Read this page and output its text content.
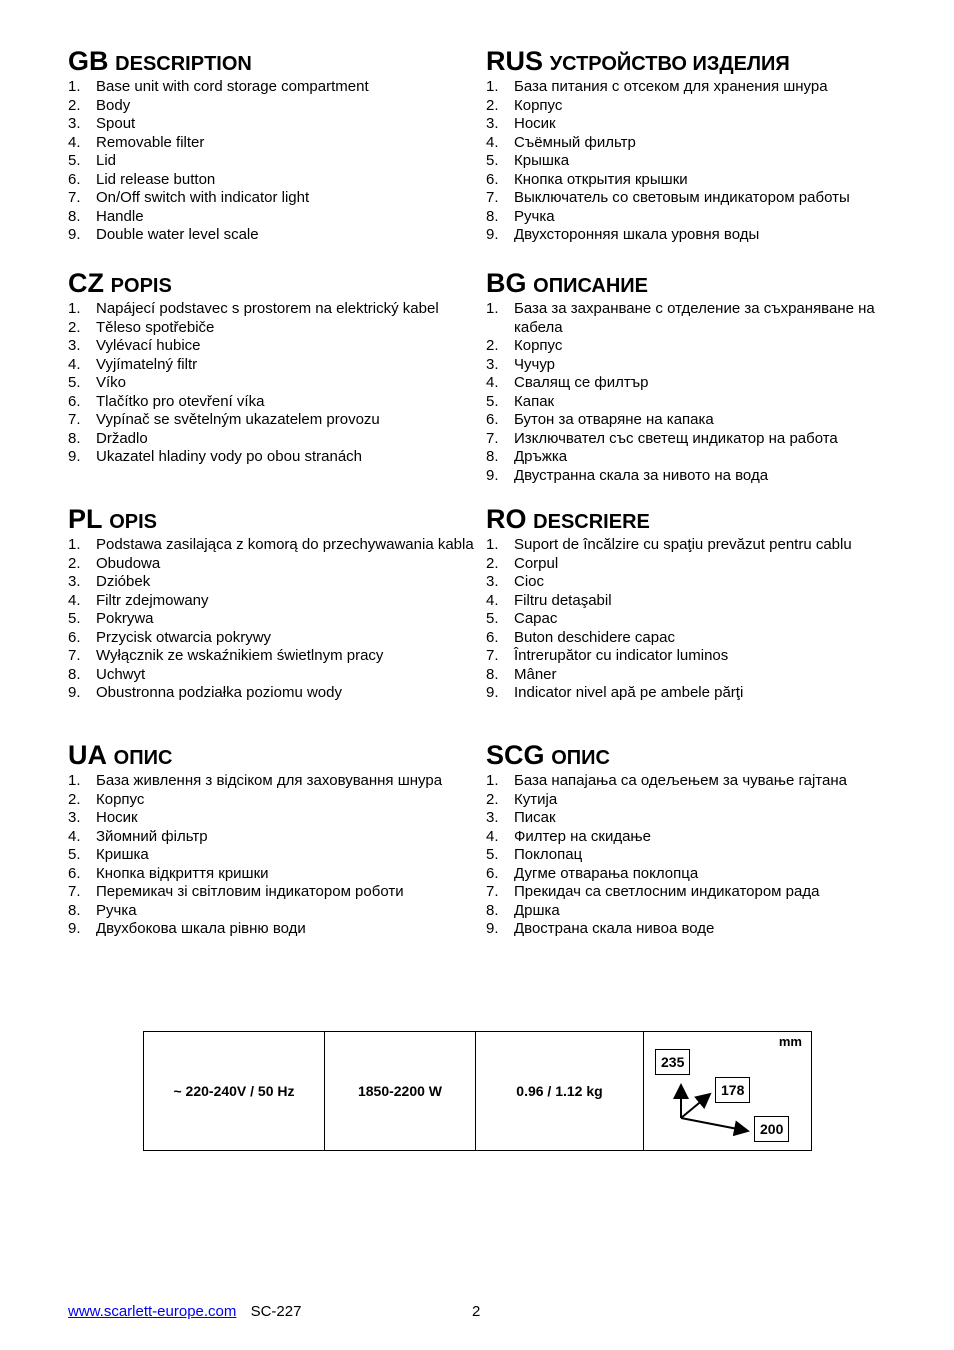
GB DESCRIPTION
1. Base unit with cord storage compartment
2. Body
3. Spout
4. Removable filter
5. Lid
6. Lid release button
7. On/Off switch with indicator light
8. Handle
9. Double water level scale
CZ POPIS
1. Napájecí podstavec s prostorem na elektrický kabel
2. Těleso spotřebiče
3. Vylévací hubice
4. Vyjímatelný filtr
5. Víko
6. Tlačítko pro otevření víka
7. Vypínač se světelným ukazatelem provozu
8. Držadlo
9. Ukazatel hladiny vody po obou stranách
PL OPIS
1. Podstawa zasilająca z komorą do przechywawania kabla
2. Obudowa
3. Dzióbek
4. Filtr zdejmowany
5. Pokrywa
6. Przycisk otwarcia pokrywy
7. Wyłącznik ze wskaźnikiem świetlnym pracy
8. Uchwyt
9. Obustronna podziałka poziomu wody
UA ОПИС
1. База живлення з відсіком для заховування шнура
2. Корпус
3. Носик
4. Зйомний фільтр
5. Кришка
6. Кнопка відкриття кришки
7. Перемикач зі світловим індикатором роботи
8. Ручка
9. Двухбокова шкала рівню води
RUS УСТРОЙСТВО ИЗДЕЛИЯ
1. База питания с отсеком для хранения шнура
2. Корпус
3. Носик
4. Съёмный фильтр
5. Крышка
6. Кнопка открытия крышки
7. Выключатель со световым индикатором работы
8. Ручка
9. Двухсторонняя шкала уровня воды
BG ОПИСАНИЕ
1. База за захранване с отделение за съхраняване на кабела
2. Корпус
3. Чучур
4. Свалящ се филтър
5. Капак
6. Бутон за отваряне на капака
7. Изключвател със светещ индикатор на работа
8. Дръжка
9. Двустранна скала за нивото на вода
RO DESCRIERE
1. Suport de încălzire cu spaţiu prevăzut pentru cablu
2. Corpul
3. Cioc
4. Filtru detaşabil
5. Capac
6. Buton deschidere capac
7. Întrerupător cu indicator luminos
8. Mâner
9. Indicator nivel apă pe ambele părţi
SCG ОПИС
1. База напајања са одељењем за чување гајтана
2. Кутија
3. Писак
4. Филтер на скидање
5. Поклопац
6. Дугме отварања поклопца
7. Прекидач са светлосним индикатором рада
8. Дршка
9. Двострана скала нивоа воде
~ 220-240V / 50 Hz	1850-2200 W	0.96 / 1.12 kg	
mm
235
178
200
www.scarlett-europe.com SC-227	2
